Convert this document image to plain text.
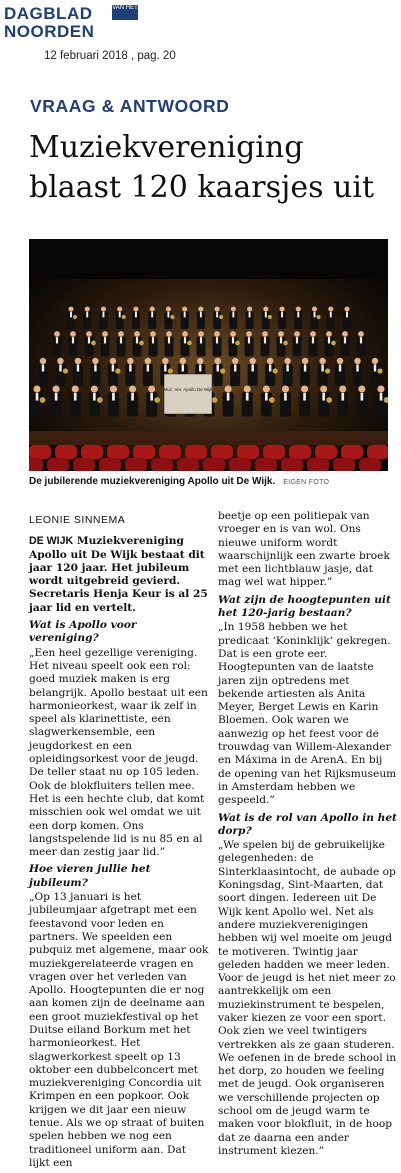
DAGBLAD
NOORDEN
VAN HET
12 februari 2018 , pag. 20
VRAAG & ANTWOORD
Muziekvereniging blaast 120 kaarsjes uit
Muz. Ver. Apollo De Wijk
De jubilerende muziekvereniging Apollo uit De Wijk. EIGEN FOTO
LEONIE SINNEMA

DE WIJK Muziekvereniging Apollo uit De Wijk bestaat dit jaar 120 jaar. Het jubileum wordt uitgebreid gevierd. Secretaris Henja Keur is al 25 jaar lid en vertelt.

Wat is Apollo voor vereniging?

„Een heel gezellige vereniging. Het niveau speelt ook een rol: goed muziek maken is erg belangrijk. Apollo bestaat uit een harmonieorkest, waar ik zelf in speel als klarinettiste, een slagwerkensemble, een jeugdorkest en een opleidingsorkest voor de jeugd. De teller staat nu op 105 leden. Ook de blokfluiters tellen mee. Het is een hechte club, dat komt misschien ook wel omdat we uit een dorp komen. Ons langstspelende lid is nu 85 en al meer dan zestig jaar lid.”

Hoe vieren jullie het jubileum?

„Op 13 januari is het jubileumjaar afgetrapt met een feestavond voor leden en partners. We speelden een pubquiz met algemene, maar ook muziekgerelateerde vragen en vragen over het verleden van Apollo. Hoogtepunten die er nog aan komen zijn de deelname aan een groot muziekfestival op het Duitse eiland Borkum met het harmonieorkest. Het slagwerkorkest speelt op 13 oktober een dubbelconcert met muziekvereniging Concordia uit Krimpen en een popkoor. Ook krijgen we dit jaar een nieuw tenue. Als we op straat of buiten spelen hebben we nog een traditioneel uniform aan. Dat lijkt een

beetje op een politiepak van vroeger en is van wol. Ons nieuwe uniform wordt waarschijnlijk een zwarte broek met een lichtblauw jasje, dat mag wel wat hipper.”

Wat zijn de hoogtepunten uit het 120-jarig bestaan?

„In 1958 hebben we het predicaat ‘Koninklijk’ gekregen. Dat is een grote eer. Hoogtepunten van de laatste jaren zijn optredens met bekende artiesten als Anita Meyer, Berget Lewis en Karin Bloemen. Ook waren we aanwezig op het feest voor de trouwdag van Willem-Alexander en Máxima in de ArenA. En bij de opening van het Rijksmuseum in Amsterdam hebben we gespeeld.”

Wat is de rol van Apollo in het dorp?

„We spelen bij de gebruikelijke gelegenheden: de Sinterklaasintocht, de aubade op Koningsdag, Sint-Maarten, dat soort dingen. Iedereen uit De Wijk kent Apollo wel. Net als andere muziekverenigingen hebben wij wel moeite om jeugd te motiveren. Twintig jaar geleden hadden we meer leden. Voor de jeugd is het niet meer zo aantrekkelijk om een muziekinstrument te bespelen, vaker kiezen ze voor een sport. Ook zien we veel twintigers vertrekken als ze gaan studeren. We oefenen in de brede school in het dorp, zo houden we feeling met de jeugd. Ook organiseren we verschillende projecten op school om de jeugd warm te maken voor blokfluit, in de hoop dat ze daarna een ander instrument kiezen.”
